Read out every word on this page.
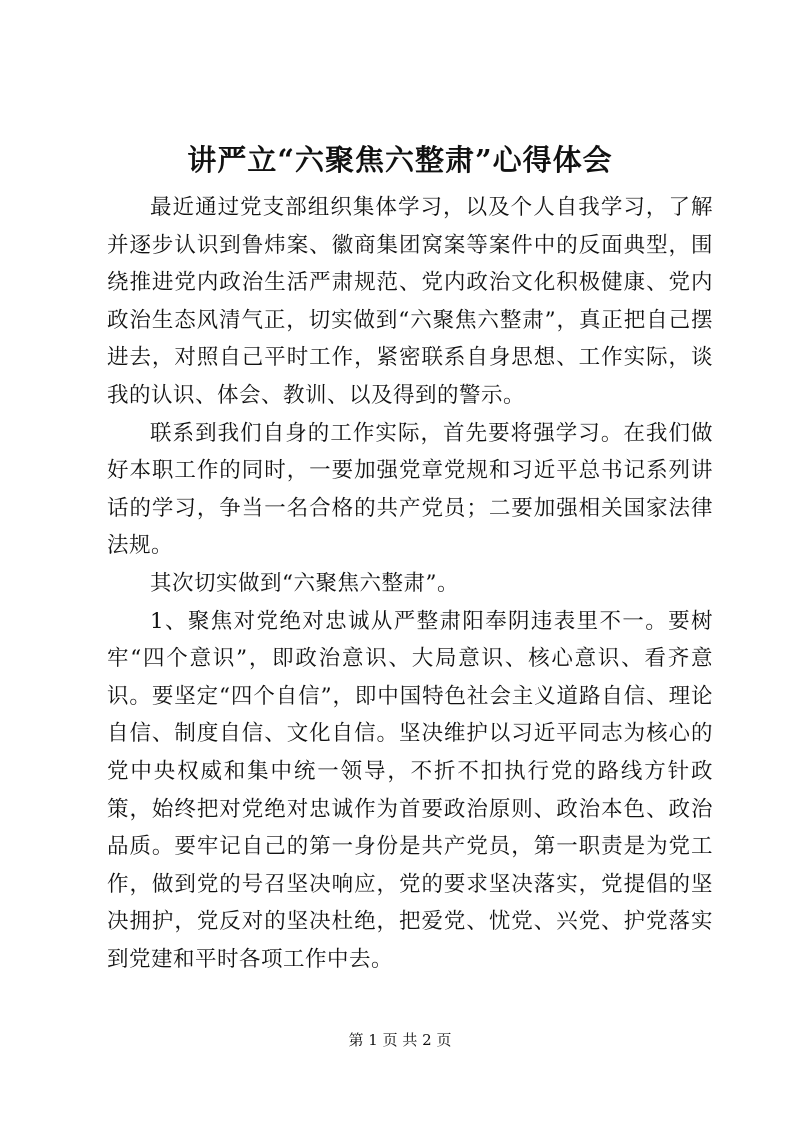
讲严立“六聚焦六整肃”心得体会

最近通过党支部组织集体学习，以及个人自我学习，了解并逐步认识到鲁炜案、徽商集团窝案等案件中的反面典型，围绕推进党内政治生活严肃规范、党内政治文化积极健康、党内政治生态风清气正，切实做到“六聚焦六整肃”，真正把自己摆进去，对照自己平时工作，紧密联系自身思想、工作实际，谈我的认识、体会、教训、以及得到的警示。

联系到我们自身的工作实际，首先要将强学习。在我们做好本职工作的同时，一要加强党章党规和习近平总书记系列讲话的学习，争当一名合格的共产党员；二要加强相关国家法律法规。

其次切实做到“六聚焦六整肃”。

1、聚焦对党绝对忠诚从严整肃阳奉阴违表里不一。要树牢“四个意识”，即政治意识、大局意识、核心意识、看齐意识。要坚定“四个自信”，即中国特色社会主义道路自信、理论自信、制度自信、文化自信。坚决维护以习近平同志为核心的党中央权威和集中统一领导，不折不扣执行党的路线方针政策，始终把对党绝对忠诚作为首要政治原则、政治本色、政治品质。要牢记自己的第一身份是共产党员，第一职责是为党工作，做到党的号召坚决响应，党的要求坚决落实，党提倡的坚决拥护，党反对的坚决杜绝，把爱党、忧党、兴党、护党落实到党建和平时各项工作中去。

第 1 页 共 2 页
